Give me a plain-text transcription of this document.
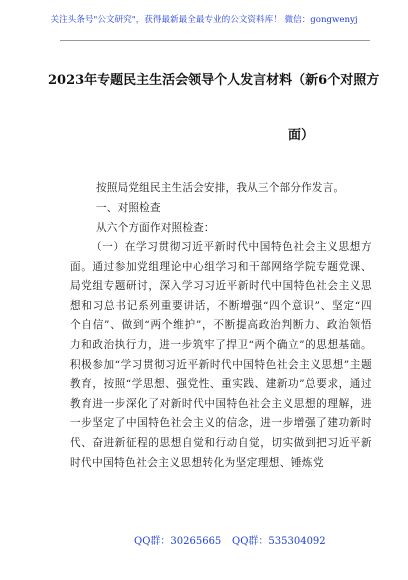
关注头条号"公文研究"，获得最新最全最专业的公文资料库！ 微信：gongwenyj
2023年专题民主生活会领导个人发言材料（新6个对照方
面）
按照局党组民主生活会安排，我从三个部分作发言。
一、对照检查
从六个方面作对照检查：
（一）在学习贯彻习近平新时代中国特色社会主义思想方面。通过参加党组理论中心组学习和干部网络学院专题党课、局党组专题研讨，深入学习习近平新时代中国特色社会主义思想和习总书记系列重要讲话，不断增强“四个意识”、坚定“四个自信”、做到“两个维护”，不断提高政治判断力、政治领悟力和政治执行力，进一步筑牢了捍卫“两个确立”的思想基础。积极参加“学习贯彻习近平新时代中国特色社会主义思想”主题教育，按照“学思想、强党性、重实践、建新功”总要求，通过教育进一步深化了对新时代中国特色社会主义思想的理解，进一步坚定了中国特色社会主义的信念，进一步增强了建功新时代、奋进新征程的思想自觉和行动自觉，切实做到把习近平新时代中国特色社会主义思想转化为坚定理想、锤炼党
QQ群：30265665 QQ群：535304092
